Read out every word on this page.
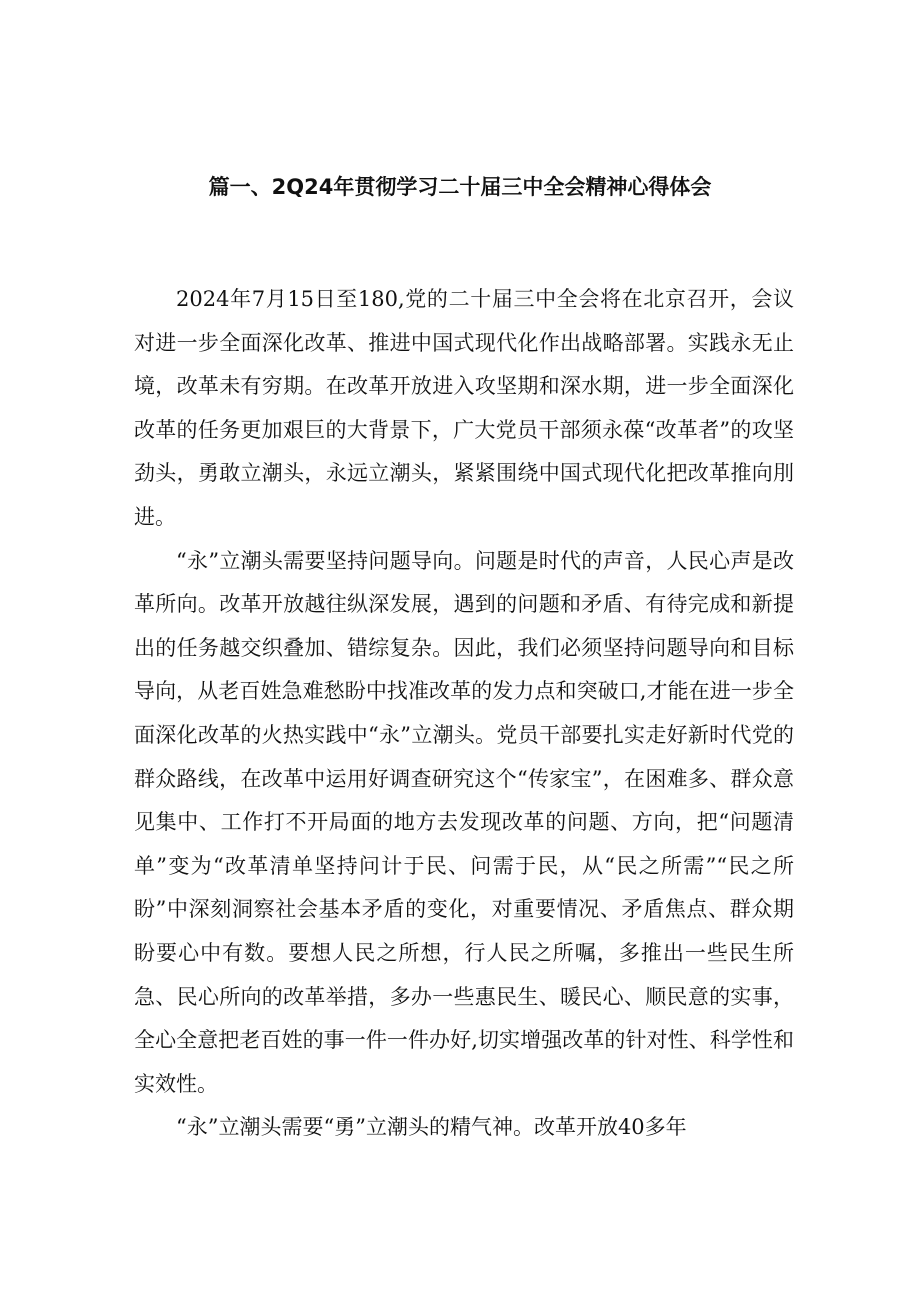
篇一、2Q24年贯彻学习二十届三中全会精神心得体会

2024年7月15日至180,党的二十届三中全会将在北京召开，会议对进一步全面深化改革、推进中国式现代化作出战略部署。实践永无止境，改革未有穷期。在改革开放进入攻坚期和深水期，进一步全面深化改革的任务更加艰巨的大背景下，广大党员干部须永葆“改革者”的攻坚劲头，勇敢立潮头，永远立潮头，紧紧围绕中国式现代化把改革推向刖进。

“永”立潮头需要坚持问题导向。问题是时代的声音，人民心声是改革所向。改革开放越往纵深发展，遇到的问题和矛盾、有待完成和新提出的任务越交织叠加、错综复杂。因此，我们必须坚持问题导向和目标导向，从老百姓急难愁盼中找准改革的发力点和突破口,才能在进一步全面深化改革的火热实践中“永”立潮头。党员干部要扎实走好新时代党的群众路线，在改革中运用好调查研究这个“传家宝”，在困难多、群众意见集中、工作打不开局面的地方去发现改革的问题、方向，把“问题清单”变为“改革清单坚持问计于民、问需于民，从“民之所需”“民之所盼”中深刻洞察社会基本矛盾的变化，对重要情况、矛盾焦点、群众期盼要心中有数。要想人民之所想，行人民之所嘱，多推出一些民生所急、民心所向的改革举措，多办一些惠民生、暖民心、顺民意的实事，全心全意把老百姓的事一件一件办好,切实增强改革的针对性、科学性和实效性。

“永”立潮头需要“勇”立潮头的精气神。改革开放40多年
